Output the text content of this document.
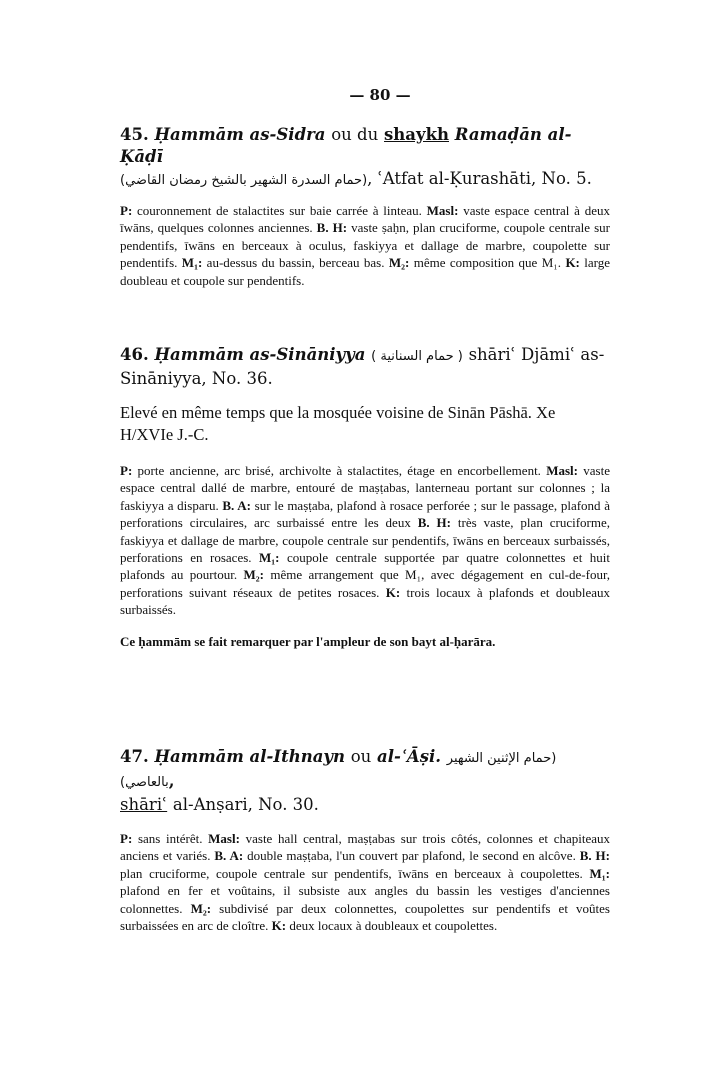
— 80 —

45. Ḥammām as-Sidra ou du shaykh Ramaḍān al-Ḳāḍī
(حمام السدرة الشهير بالشيخ رمضان القاضي), ʿAtfat al-Ḳurashāti, No. 5.

P: couronnement de stalactites sur baie carrée à linteau. Masl: vaste espace central à deux īwāns, quelques colonnes anciennes. B. H: vaste ṣaḥn, plan cruciforme, coupole centrale sur pendentifs, īwāns en berceaux à oculus, faskiyya et dallage de marbre, coupolette sur pendentifs. M₁: au-dessus du bassin, berceau bas. M₂: même composition que M₁. K: large doubleau et coupole sur pendentifs.

46. Ḥammām as-Sināniyya ( حمام السنانية ) shāriʿ Djāmiʿ as-
Sināniyya, No. 36.

Elevé en même temps que la mosquée voisine de Sinān Pāshā. Xe H/XVIe J.-C.

P: porte ancienne, arc brisé, archivolte à stalactites, étage en encorbellement. Masl: vaste espace central dallé de marbre, entouré de maṣṭabas, lanterneau portant sur colonnes ; la faskiyya a disparu. B. A: sur le maṣṭaba, plafond à rosace perforée ; sur le passage, plafond à perforations circulaires, arc surbaissé entre les deux B. H: très vaste, plan cruciforme, faskiyya et dallage de marbre, coupole centrale sur pendentifs, īwāns en berceaux surbaissés, perforations en rosaces. M₁: coupole centrale supportée par quatre colonnettes et huit plafonds au pourtour. M₂: même arrangement que M₁, avec dégagement en cul-de-four, perforations suivant réseaux de petites rosaces. K: trois locaux à plafonds et doubleaux surbaissés.

Ce ḥammām se fait remarquer par l'ampleur de son bayt al-ḥarāra.

47. Ḥammām al-Ithnayn ou al-ʿĀṣi. (حمام الإثنين الشهير بالعاصي),
shāriʿ al-Anṣari, No. 30.

P: sans intérêt. Masl: vaste hall central, maṣṭabas sur trois côtés, colonnes et chapiteaux anciens et variés. B. A: double maṣṭaba, l'un couvert par plafond, le second en alcôve. B. H: plan cruciforme, coupole centrale sur pendentifs, īwāns en berceaux à coupolettes. M₁: plafond en fer et voûtains, il subsiste aux angles du bassin les vestiges d'anciennes colonnettes. M₂: subdivisé par deux colonnettes, coupolettes sur pendentifs et voûtes surbaissées en arc de cloître. K: deux locaux à doubleaux et coupolettes.
